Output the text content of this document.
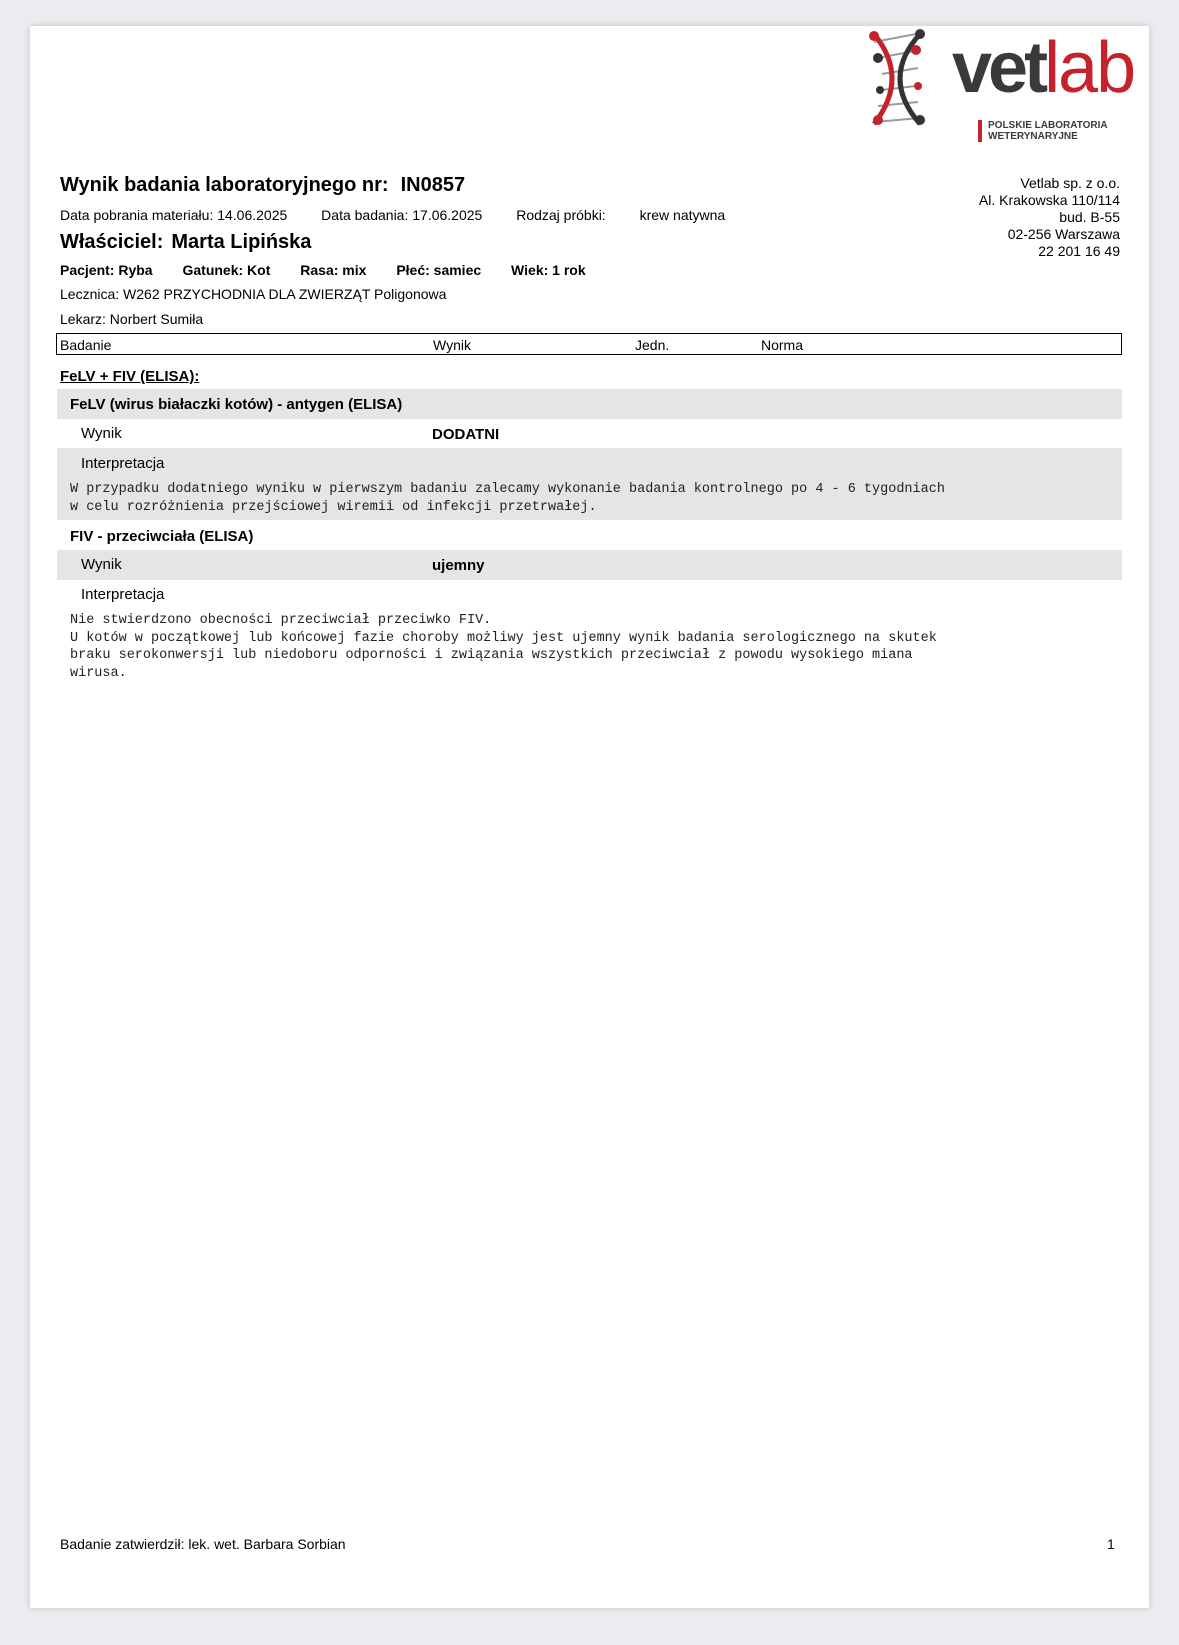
vetlab
POLSKIE LABORATORIA
WETERYNARYJNE
Wynik badania laboratoryjnego nr: IN0857
Data pobrania materiału: 14.06.2025 Data badania: 17.06.2025 Rodzaj próbki: krew natywna
Właściciel: Marta Lipińska
Pacjent: Ryba Gatunek: Kot Rasa: mix Płeć: samiec Wiek: 1 rok
Lecznica: W262 PRZYCHODNIA DLA ZWIERZĄT Poligonowa
Lekarz: Norbert Sumiła
Vetlab sp. z o.o.
Al. Krakowska 110/114
bud. B-55
02-256 Warszawa
22 201 16 49
Badanie	Wynik	Jedn.	Norma
FeLV + FIV (ELISA):
FeLV (wirus białaczki kotów) - antygen (ELISA)
Wynik	DODATNI
Interpretacja
W przypadku dodatniego wyniku w pierwszym badaniu zalecamy wykonanie badania kontrolnego po 4 - 6 tygodniach
w celu rozróżnienia przejściowej wiremii od infekcji przetrwałej.
FIV - przeciwciała (ELISA)
Wynik	ujemny
Interpretacja
Nie stwierdzono obecności przeciwciał przeciwko FIV.
U kotów w początkowej lub końcowej fazie choroby możliwy jest ujemny wynik badania serologicznego na skutek
braku serokonwersji lub niedoboru odporności i związania wszystkich przeciwciał z powodu wysokiego miana
wirusa.
Badanie zatwierdził: lek. wet. Barbara Sorbian	1
